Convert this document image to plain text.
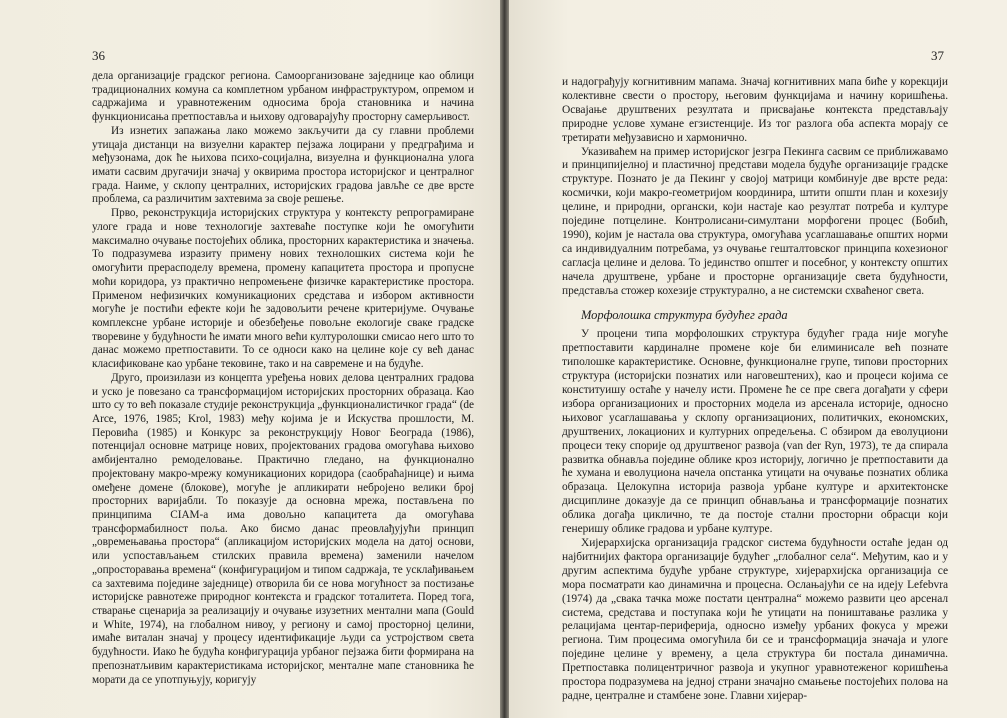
36

дела организације градског региона. Самоорганизоване заједнице као облици традиционалних комуна са комплетном урбаном инфраструктуром, опремом и садржајима и уравнотеженим односима броја становника и начина функционисања претпоставља и њихову одговарајућу просторну самерљивост.

Из изнетих запажања лако можемо закључити да су главни проблеми утицаја дистанци на визуелни карактер пејзажа лоцирани у предграђима и међузонама, док ће њихова психо-социјална, визуелна и функционална улога имати сасвим другачији значај у оквирима простора историјског и централног града. Наиме, у склопу централних, историјских градова јављће се две врсте проблема, са различитим захтевима за своје решење.

Прво, реконструкција историјских структура у контексту репрограмиране улоге града и нове технологије захтеваће поступке који ће омогућити максимално очување постојећих облика, просторних карактеристика и значења. То подразумева изразиту примену нових технолошких система који ће омогућити прерасподелу времена, промену капацитета простора и пропусне моћи коридора, уз практично непромењене физичке карактеристике простора. Применом нефизичких комуникационих средстава и избором активности могуће је постићи ефекте који ће задовољити речене критеријуме. Очување комплексне урбане историје и обезбеђење повољне екологије сваке градске творевине у будућности ће имати много већи културолошки смисао него што то данас можемо претпоставити. То се односи како на целине које су већ данас класификоване као урбане тековине, тако и на савремене и на будуће.

Друго, произилази из концепта уређења нових делова централних градова и уско је повезано са трансформацијом историјских просторних образаца. Као што су то већ показале студије реконструкција „функционалистичког града“ (de Arce, 1976, 1985; Krol, 1983) међу којима је и Искуства прошлости, М. Перовића (1985) и Конкурс за реконструкцију Новог Београда (1986), потенцијал основне матрице нових, пројектованих градова омогућава њихово амбијентално ремоделовање. Практично гледано, на функционално пројектовану макро-мрежу комуникационих коридора (саобраћајнице) и њима омеђене домене (блокове), могуће је апликирати небројено велики број просторних варијабли. То показује да основна мрежа, постављена по принципима CIAM-а има довољно капацитета да омогућава трансформабилност поља. Ако бисмо данас преовлађујући принцип „овремењавања простора“ (апликациjом историјских модела на датој основи, или успостављањем стилских правила времена) заменили начелом „опросторавања времена“ (конфигурацијом и типом садржаја, те усклађивањем са захтевима појединe заједнице) отворила би се нова могућност за постизање историјске равнотеже природног контекста и градског тоталитета. Поред тога, стварање сценарија за реализацију и очување изузетних ментални мапа (Gould и White, 1974), на глобалном нивоу, у региону и самој просторној целини, имаће витaлан значај у процесу идентификације људи са устројством света будућности. Иако ће будућа конфигурација урбаног пејзажа бити формирана на препознатљивим карактеристикама историјског, менталне мапе становника ће морати да се употпуњују, коригују

37

и надограђују когнитивним мапама. Значај когнитивних мапа биће у корекцији колективне свести о простору, његовим функцијама и начину коришћења. Освајање друштвених резултата и присвајање контекста представљају природне услове хумане егзистенције. Из тог разлога оба аспекта морају се третирати међузависно и хармонично.

Указиваћем на пример историјског језгра Пекинга сасвим се приближавамо и принципијелној и пластичној представи модела будуће организације градске структуре. Познато је да Пекинг у својој матрици комбинује две врсте реда: космички, који макро-геометријом координира, штити општи план и кохезију целине, и природни, органски, који настаје као резултат потреба и културе појединe потцелине. Контролисани-симултани морфогени процес (Бобић, 1990), којим је настала ова структура, омогућава усаглашавање општих норми са индивидуалним потребама, уз очување гешталтовског принципа кохезионог сагласја целине и делова. То јединство општег и посебног, у контексту општих начела друштвене, урбане и просторне организације света будућности, представља стожер кохезије структурално, а не системски схваћеног света.

Морфолошка структура будућег града

У процени типа морфолошких структура будућег града није могуће претпоставити кардиналне промене које би елиминисале већ познате типолошке карактеристике. Основне, функционалне групе, типови просторних структура (историјски познатих или наговештених), као и процеси којима се конституишу остаће у начелу исти. Промене ће се пре свега догађати у сфери избора организационих и просторних модела из арсенала историје, односно њиховог усаглашавања у склопу организационих, политичких, економских, друштвених, локационих и културних опредељења. С обзиром да еволуциони процеси теку спорије од друштвеног развоја (van der Ryn, 1973), те да спирала развитка обнавља поједине облике кроз историју, логично је претпоставити да ће хумана и еволуциона начела опстанка утицати на очување познатих облика образаца. Целокупна историја развоја урбане културе и архитектонске дисциплине доказује да се принцип обнављања и трансформације познатих облика догађа циклично, те да постоје стални просторни обрасци који генеришу облике градова и урбане културе.

Хијерархијска организација градског система будућности остаће један од најбитнијих фактора организације будућег „глобалног села“. Међутим, као и у другим аспектима будуће урбане структуре, хијерархијска организација се мора посматрати као динамична и процесна. Ослањајући се на идеју Lefebvra (1974) да „свака тачка може постати централна“ можемо развити цео арсенал система, средстава и поступака који ће утицати на поништавање разлика у релацијама центар-периферија, односно између урбаних фокуса у мрежи региона. Тим процесима омогућила би се и трансформација значаја и улоге поједине целине у времену, а цела структура би постала динамична. Претпоставка полицентричног развоја и укупног уравнотеженог коришћења простора подразумева на једној страни значајно смањење постојећих полова на радне, централне и стамбене зоне. Главни хијерар-
